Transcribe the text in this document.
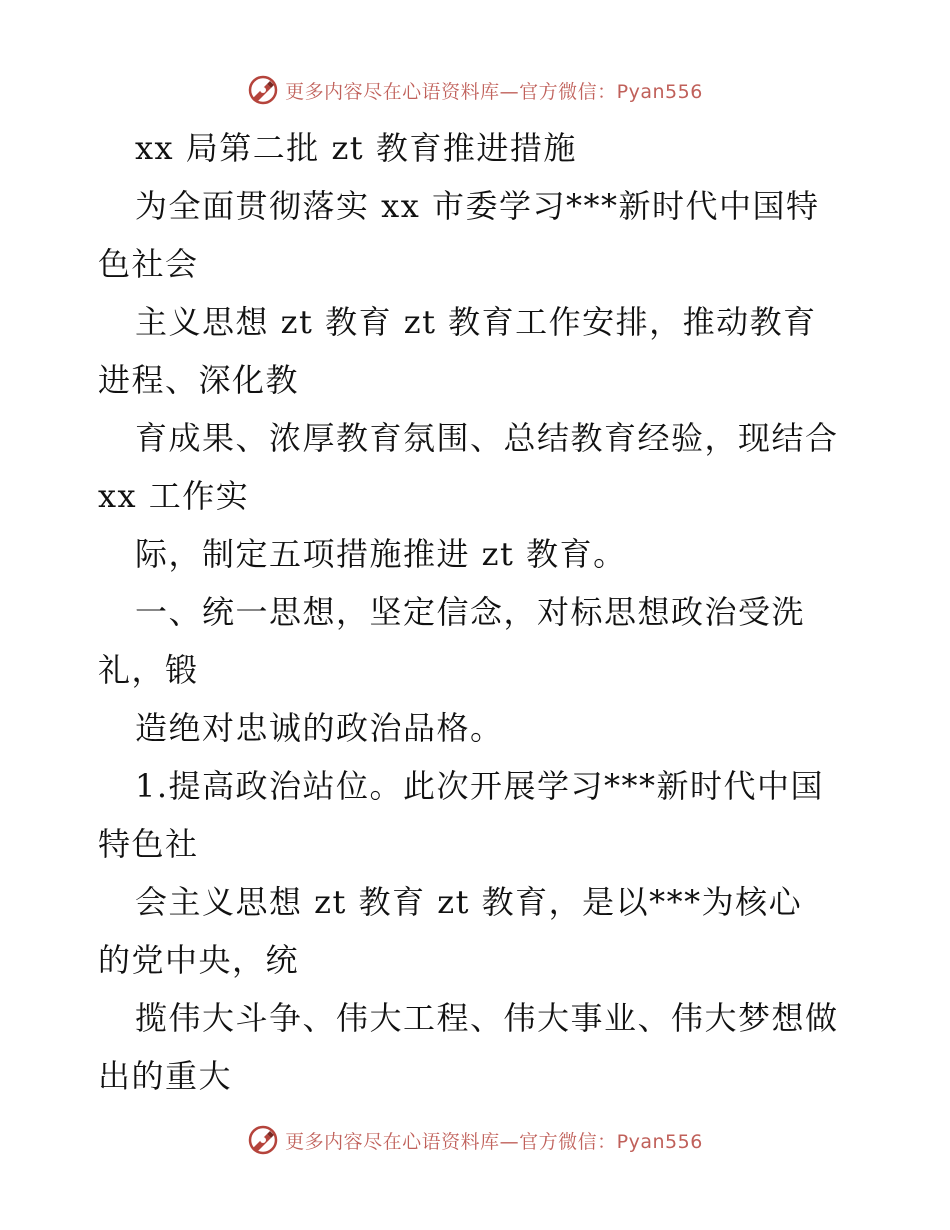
更多内容尽在心语资料库—官方微信：Pyan556
xx 局第二批 zt 教育推进措施
为全面贯彻落实 xx 市委学习***新时代中国特
色社会
主义思想 zt 教育 zt 教育工作安排，推动教育
进程、深化教
育成果、浓厚教育氛围、总结教育经验，现结合
xx 工作实
际，制定五项措施推进 zt 教育。
一、统一思想，坚定信念，对标思想政治受洗
礼，锻
造绝对忠诚的政治品格。
1.提高政治站位。此次开展学习***新时代中国
特色社
会主义思想 zt 教育 zt 教育，是以***为核心
的党中央，统
揽伟大斗争、伟大工程、伟大事业、伟大梦想做
出的重大
更多内容尽在心语资料库—官方微信：Pyan556
